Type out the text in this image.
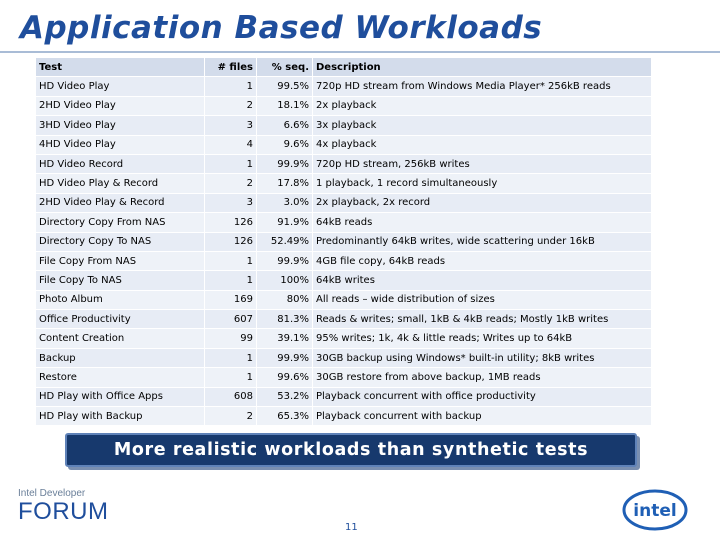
Application Based Workloads
Test	# files	% seq.	Description
HD Video Play	1	99.5%	720p HD stream from Windows Media Player* 256kB reads
2HD Video Play	2	18.1%	2x playback
3HD Video Play	3	6.6%	3x playback
4HD Video Play	4	9.6%	4x playback
HD Video Record	1	99.9%	720p HD stream, 256kB writes
HD Video Play & Record	2	17.8%	1 playback, 1 record simultaneously
2HD Video Play & Record	3	3.0%	2x playback, 2x record
Directory Copy From NAS	126	91.9%	64kB reads
Directory Copy To NAS	126	52.49%	Predominantly 64kB writes, wide scattering under 16kB
File Copy From NAS	1	99.9%	4GB file copy, 64kB reads
File Copy To NAS	1	100%	64kB writes
Photo Album	169	80%	All reads – wide distribution of sizes
Office Productivity	607	81.3%	Reads & writes; small, 1kB & 4kB reads; Mostly 1kB writes
Content Creation	99	39.1%	95% writes; 1k, 4k & little reads; Writes up to 64kB
Backup	1	99.9%	30GB backup using Windows* built-in utility; 8kB writes
Restore	1	99.6%	30GB restore from above backup, 1MB reads
HD Play with Office Apps	608	53.2%	Playback concurrent with office productivity
HD Play with Backup	2	65.3%	Playback concurrent with backup
More realistic workloads than synthetic tests
Intel Developer
FORUM
11
intel
